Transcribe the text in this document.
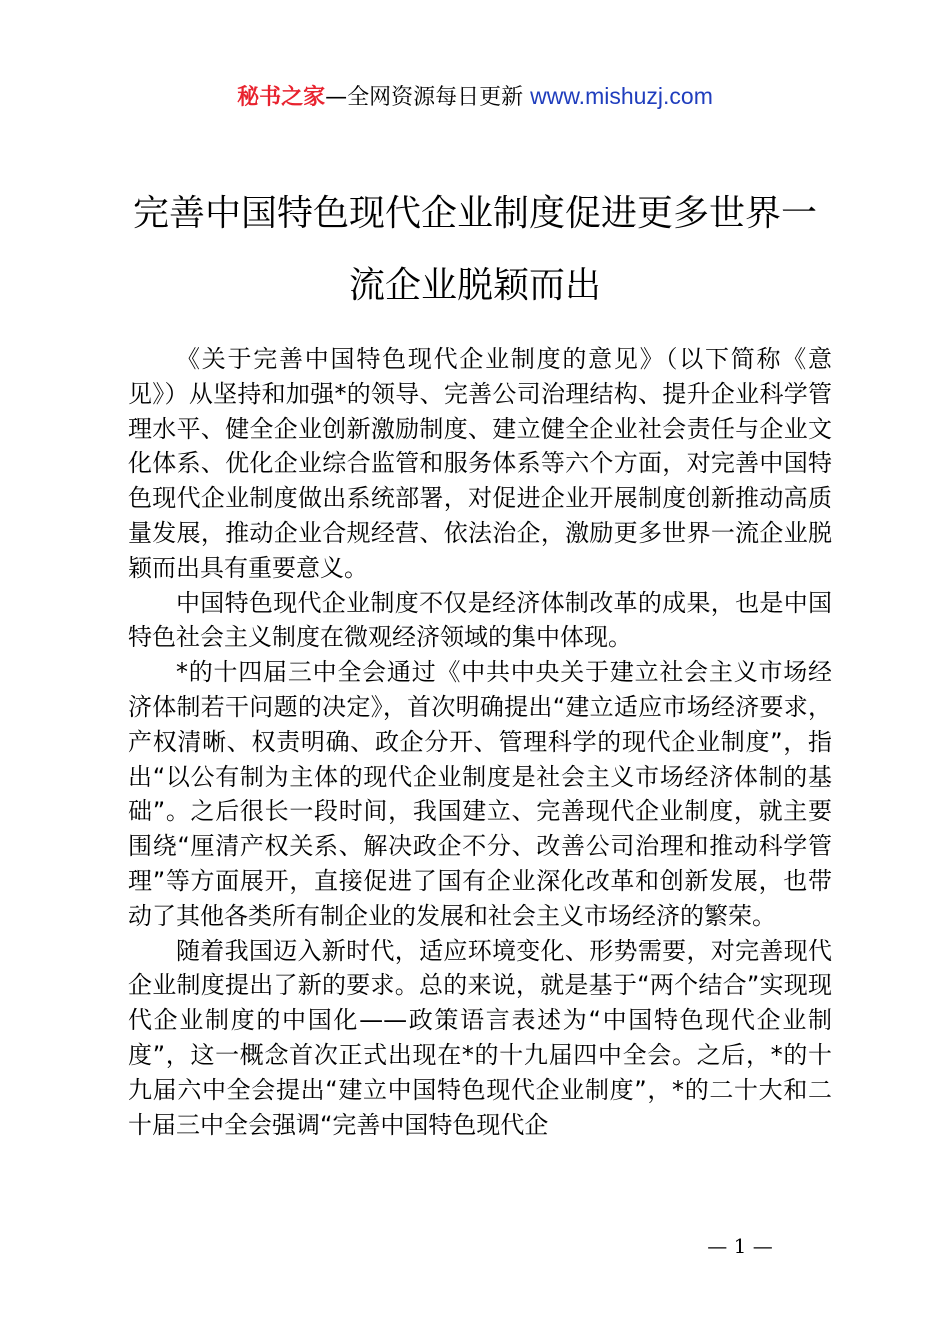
秘书之家—全网资源每日更新 www.mishuzj.com
完善中国特色现代企业制度促进更多世界一流企业脱颖而出

《关于完善中国特色现代企业制度的意见》（以下简称《意见》）从坚持和加强*的领导、完善公司治理结构、提升企业科学管理水平、健全企业创新激励制度、建立健全企业社会责任与企业文化体系、优化企业综合监管和服务体系等六个方面，对完善中国特色现代企业制度做出系统部署，对促进企业开展制度创新推动高质量发展，推动企业合规经营、依法治企，激励更多世界一流企业脱颖而出具有重要意义。

中国特色现代企业制度不仅是经济体制改革的成果，也是中国特色社会主义制度在微观经济领域的集中体现。

*的十四届三中全会通过《中共中央关于建立社会主义市场经济体制若干问题的决定》，首次明确提出“建立适应市场经济要求，产权清晰、权责明确、政企分开、管理科学的现代企业制度”，指出“以公有制为主体的现代企业制度是社会主义市场经济体制的基础”。之后很长一段时间，我国建立、完善现代企业制度，就主要围绕“厘清产权关系、解决政企不分、改善公司治理和推动科学管理”等方面展开，直接促进了国有企业深化改革和创新发展，也带动了其他各类所有制企业的发展和社会主义市场经济的繁荣。

随着我国迈入新时代，适应环境变化、形势需要，对完善现代企业制度提出了新的要求。总的来说，就是基于“两个结合”实现现代企业制度的中国化——政策语言表述为“中国特色现代企业制度”，这一概念首次正式出现在*的十九届四中全会。之后，*的十九届六中全会提出“建立中国特色现代企业制度”，*的二十大和二十届三中全会强调“完善中国特色现代企

— 1 —
